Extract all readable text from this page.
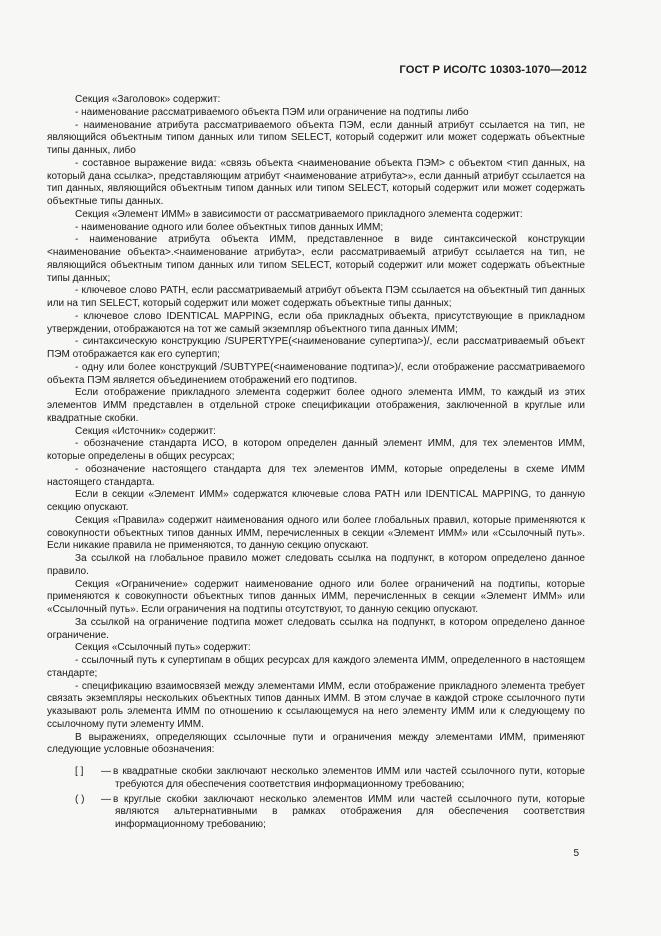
ГОСТ Р ИСО/ТС 10303-1070—2012

Секция «Заголовок» содержит:

- наименование рассматриваемого объекта ПЭМ или ограничение на подтипы либо

- наименование атрибута рассматриваемого объекта ПЭМ, если данный атрибут ссылается на тип, не являющийся объектным типом данных или типом SELECT, который содержит или может содержать объектные типы данных, либо

- составное выражение вида: «связь объекта <наименование объекта ПЭМ> с объектом <тип данных, на который дана ссылка>, представляющим атрибут <наименование атрибута>», если данный атрибут ссылается на тип данных, являющийся объектным типом данных или типом SELECT, который содержит или может содержать объектные типы данных.

Секция «Элемент ИММ» в зависимости от рассматриваемого прикладного элемента содержит:

- наименование одного или более объектных типов данных ИММ;

- наименование атрибута объекта ИММ, представленное в виде синтаксической конструкции <наименование объекта>.<наименование атрибута>, если рассматриваемый атрибут ссылается на тип, не являющийся объектным типом данных или типом SELECT, который содержит или может содержать объектные типы данных;

- ключевое слово PATH, если рассматриваемый атрибут объекта ПЭМ ссылается на объектный тип данных или на тип SELECT, который содержит или может содержать объектные типы данных;

- ключевое слово IDENTICAL MAPPING, если оба прикладных объекта, присутствующие в прикладном утверждении, отображаются на тот же самый экземпляр объектного типа данных ИММ;

- синтаксическую конструкцию /SUPERTYPE(<наименование супертипа>)/, если рассматриваемый объект ПЭМ отображается как его супертип;

- одну или более конструкций /SUBTYPE(<наименование подтипа>)/, если отображение рассматриваемого объекта ПЭМ является объединением отображений его подтипов.

Если отображение прикладного элемента содержит более одного элемента ИММ, то каждый из этих элементов ИММ представлен в отдельной строке спецификации отображения, заключенной в круглые или квадратные скобки.

Секция «Источник» содержит:

- обозначение стандарта ИСО, в котором определен данный элемент ИММ, для тех элементов ИММ, которые определены в общих ресурсах;

- обозначение настоящего стандарта для тех элементов ИММ, которые определены в схеме ИММ настоящего стандарта.

Если в секции «Элемент ИММ» содержатся ключевые слова PATH или IDENTICAL MAPPING, то данную секцию опускают.

Секция «Правила» содержит наименования одного или более глобальных правил, которые применяются к совокупности объектных типов данных ИММ, перечисленных в секции «Элемент ИММ» или «Ссылочный путь». Если никакие правила не применяются, то данную секцию опускают.

За ссылкой на глобальное правило может следовать ссылка на подпункт, в котором определено данное правило.

Секция «Ограничение» содержит наименование одного или более ограничений на подтипы, которые применяются к совокупности объектных типов данных ИММ, перечисленных в секции «Элемент ИММ» или «Ссылочный путь». Если ограничения на подтипы отсутствуют, то данную секцию опускают.

За ссылкой на ограничение подтипа может следовать ссылка на подпункт, в котором определено данное ограничение.

Секция «Ссылочный путь» содержит:

- ссылочный путь к супертипам в общих ресурсах для каждого элемента ИММ, определенного в настоящем стандарте;

- спецификацию взаимосвязей между элементами ИММ, если отображение прикладного элемента требует связать экземпляры нескольких объектных типов данных ИММ. В этом случае в каждой строке ссылочного пути указывают роль элемента ИММ по отношению к ссылающемуся на него элементу ИММ или к следующему по ссылочному пути элементу ИММ.

В выражениях, определяющих ссылочные пути и ограничения между элементами ИММ, применяют следующие условные обозначения:

[ ]	— в квадратные скобки заключают несколько элементов ИММ или частей ссылочного пути, которые требуются для обеспечения соответствия информационному требованию;
( )	— в круглые скобки заключают несколько элементов ИММ или частей ссылочного пути, которые являются альтернативными в рамках отображения для обеспечения соответствия информационному требованию;
5
